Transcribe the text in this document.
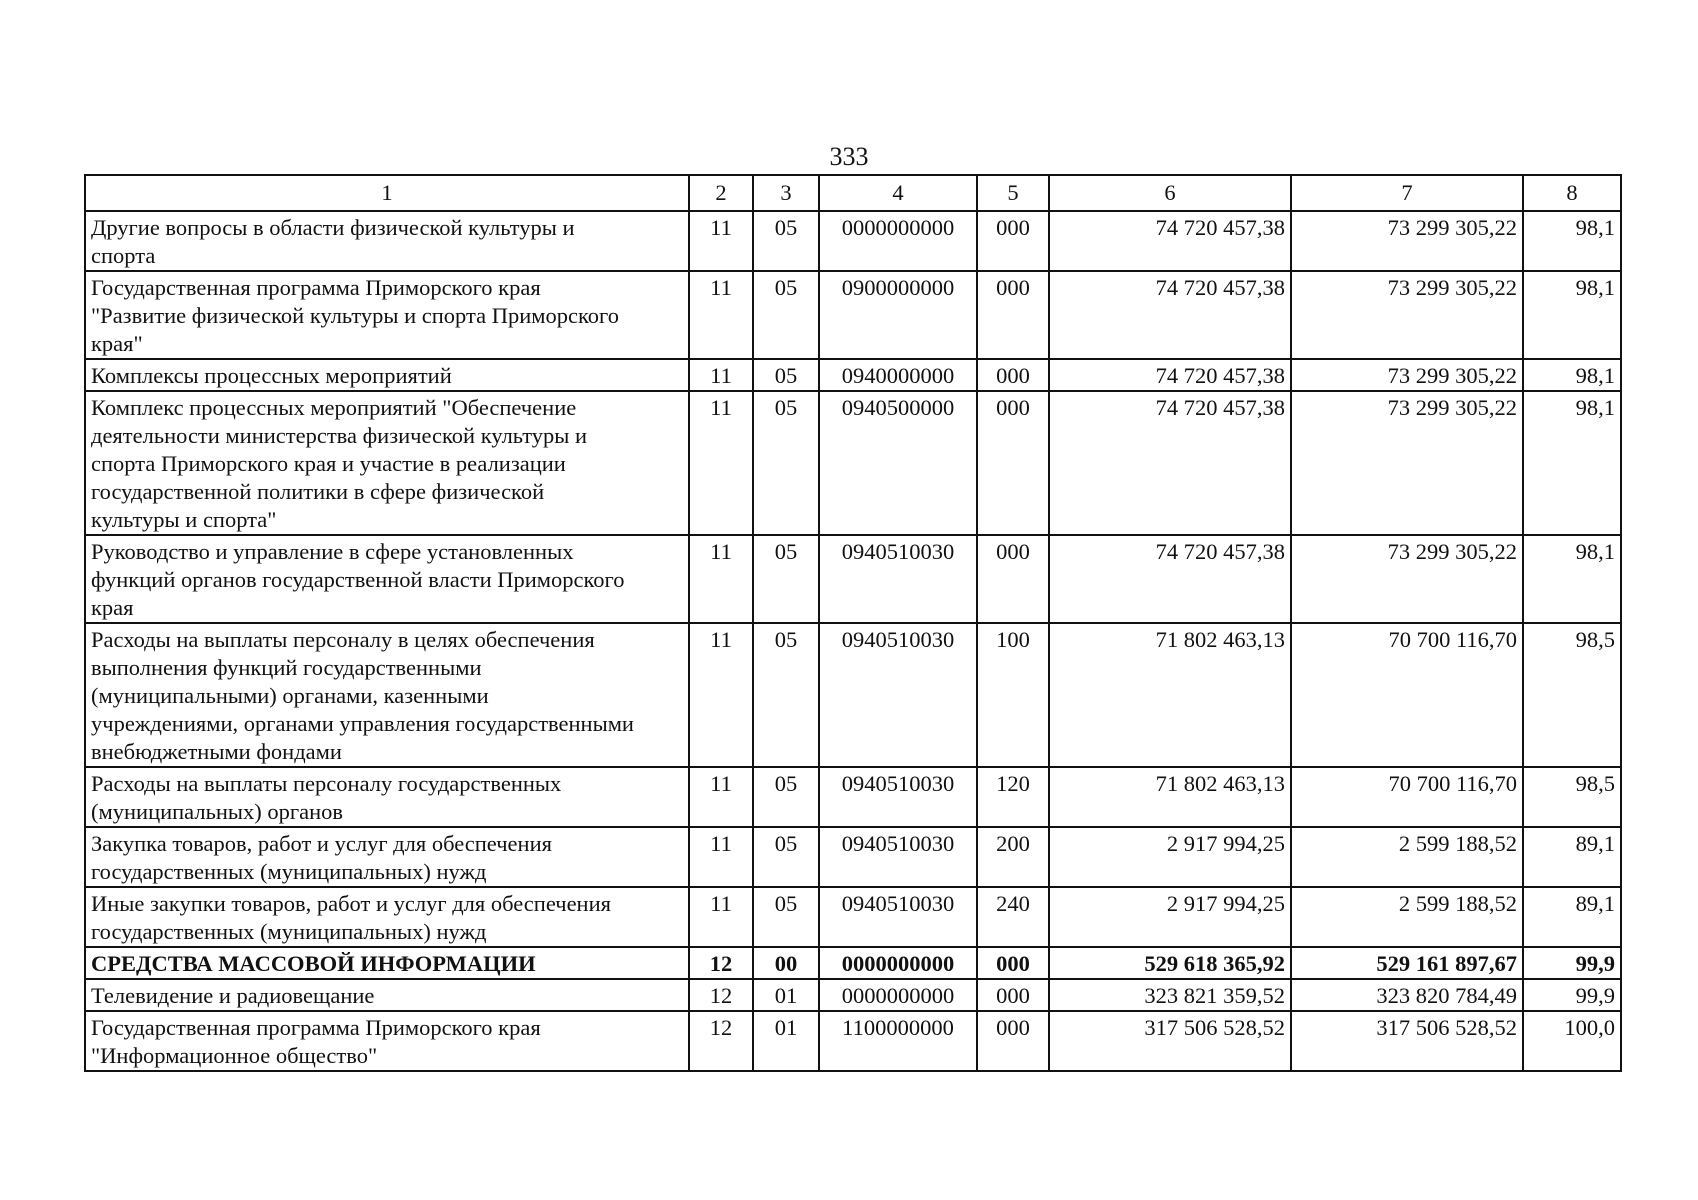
333
1	2	3	4	5	6	7	8
Другие вопросы в области физической культуры и
спорта	11	05	0000000000	000	74 720 457,38	73 299 305,22	98,1
Государственная программа Приморского края
"Развитие физической культуры и спорта Приморского
края"	11	05	0900000000	000	74 720 457,38	73 299 305,22	98,1
Комплексы процессных мероприятий	11	05	0940000000	000	74 720 457,38	73 299 305,22	98,1
Комплекс процессных мероприятий "Обеспечение
деятельности министерства физической культуры и
спорта Приморского края и участие в реализации
государственной политики в сфере физической
культуры и спорта"	11	05	0940500000	000	74 720 457,38	73 299 305,22	98,1
Руководство и управление в сфере установленных
функций органов государственной власти Приморского
края	11	05	0940510030	000	74 720 457,38	73 299 305,22	98,1
Расходы на выплаты персоналу в целях обеспечения
выполнения функций государственными
(муниципальными) органами, казенными
учреждениями, органами управления государственными
внебюджетными фондами	11	05	0940510030	100	71 802 463,13	70 700 116,70	98,5
Расходы на выплаты персоналу государственных
(муниципальных) органов	11	05	0940510030	120	71 802 463,13	70 700 116,70	98,5
Закупка товаров, работ и услуг для обеспечения
государственных (муниципальных) нужд	11	05	0940510030	200	2 917 994,25	2 599 188,52	89,1
Иные закупки товаров, работ и услуг для обеспечения
государственных (муниципальных) нужд	11	05	0940510030	240	2 917 994,25	2 599 188,52	89,1
СРЕДСТВА МАССОВОЙ ИНФОРМАЦИИ	12	00	0000000000	000	529 618 365,92	529 161 897,67	99,9
Телевидение и радиовещание	12	01	0000000000	000	323 821 359,52	323 820 784,49	99,9
Государственная программа Приморского края
"Информационное общество"	12	01	1100000000	000	317 506 528,52	317 506 528,52	100,0
